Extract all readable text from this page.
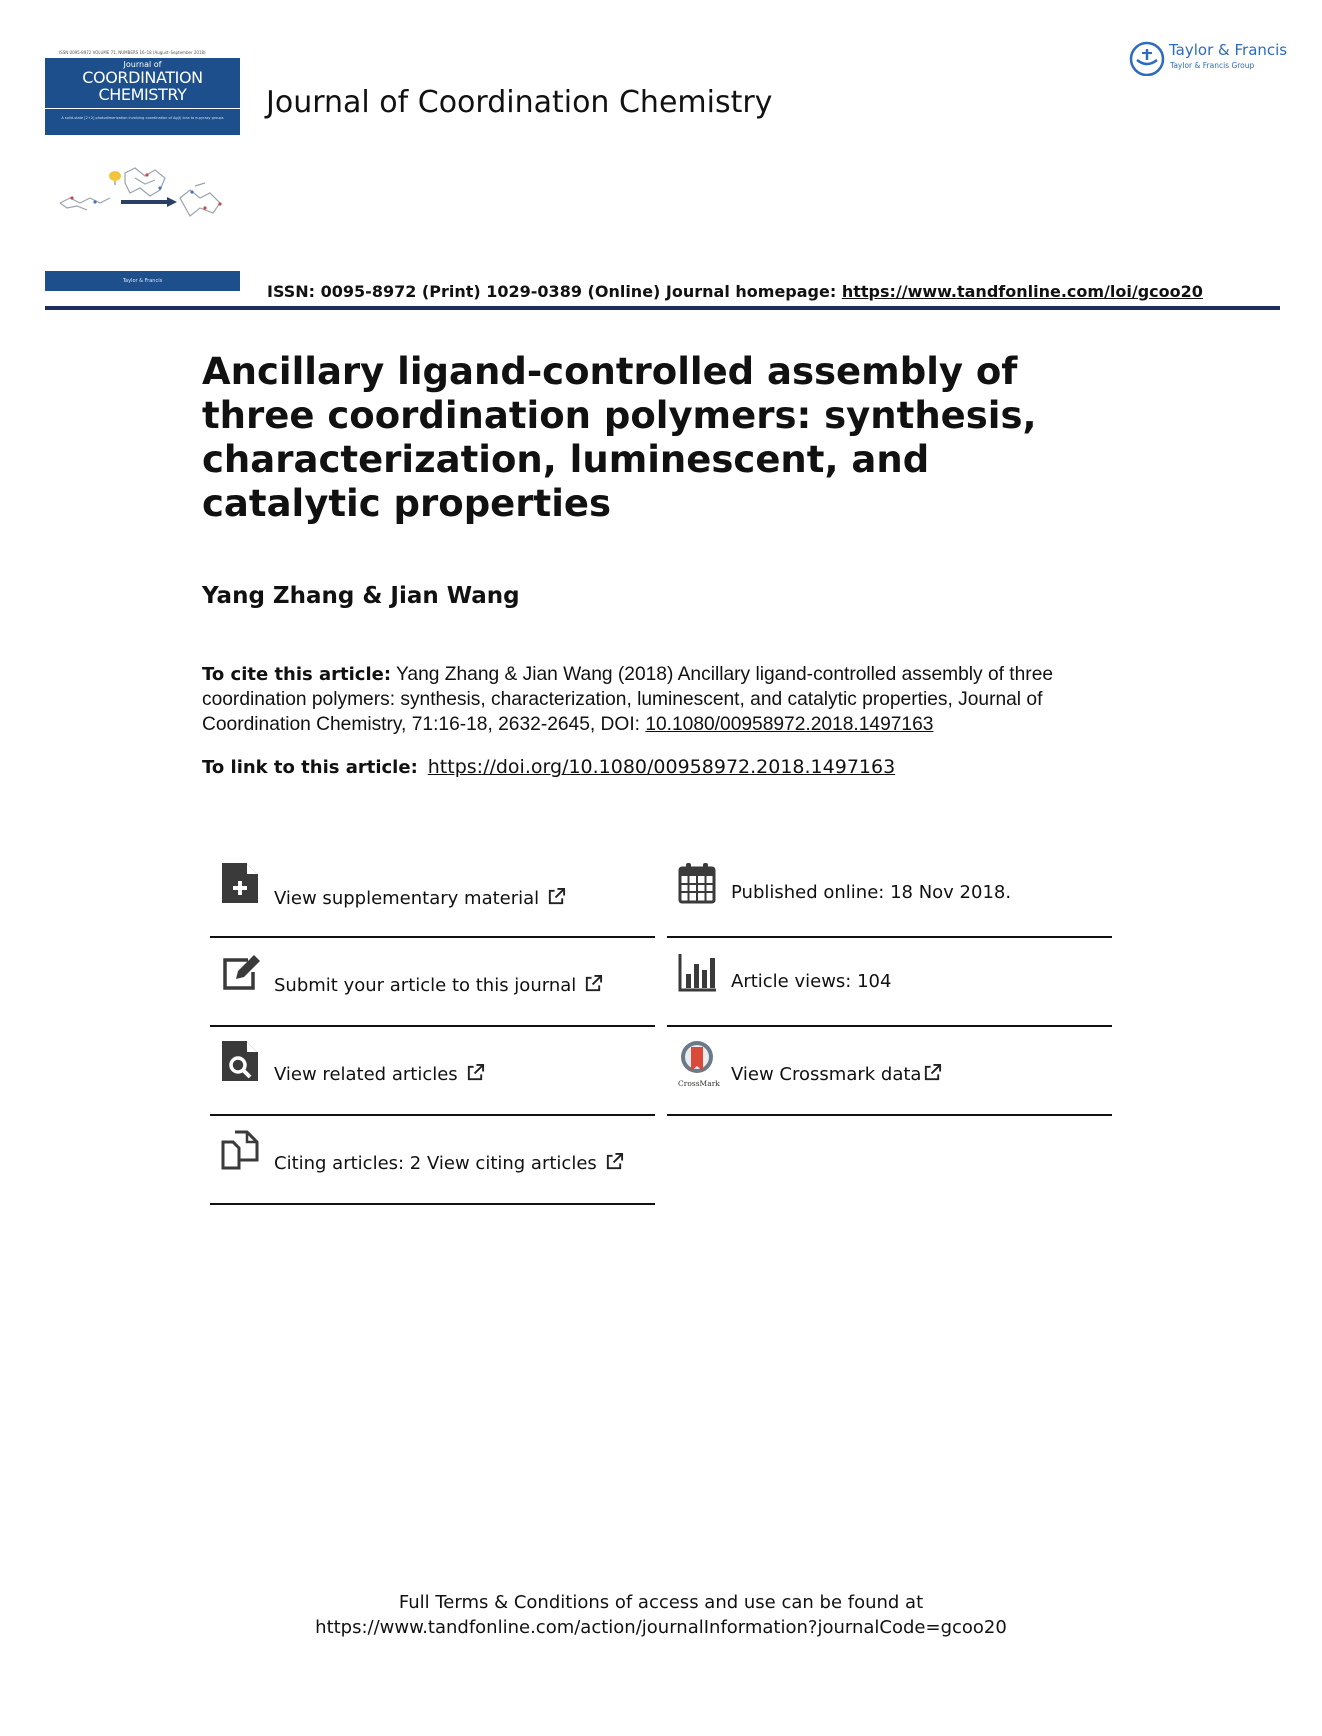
ISSN 0095-8972 VOLUME 71, NUMBERS 16–18 (August–September 2018)
Journal of
COORDINATION
CHEMISTRY
A solid-state [2+2] photodimerization involving coordination of Ag(I) ions to π-pyrazy groups
Taylor & Francis
Journal of Coordination Chemistry
Taylor & Francis
Taylor & Francis Group
ISSN: 0095-8972 (Print) 1029-0389 (Online) Journal homepage: https://www.tandfonline.com/loi/gcoo20
Ancillary ligand-controlled assembly of three coordination polymers: synthesis, characterization, luminescent, and catalytic properties
Yang Zhang & Jian Wang
To cite this article: Yang Zhang & Jian Wang (2018) Ancillary ligand-controlled assembly of three coordination polymers: synthesis, characterization, luminescent, and catalytic properties, Journal of Coordination Chemistry, 71:16-18, 2632-2645, DOI: 10.1080/00958972.2018.1497163
To link to this article: https://doi.org/10.1080/00958972.2018.1497163
View supplementary material
Submit your article to this journal
View related articles
Citing articles: 2 View citing articles
Published online: 18 Nov 2018.
Article views: 104
CrossMark View Crossmark data
Full Terms & Conditions of access and use can be found at
https://www.tandfonline.com/action/journalInformation?journalCode=gcoo20
